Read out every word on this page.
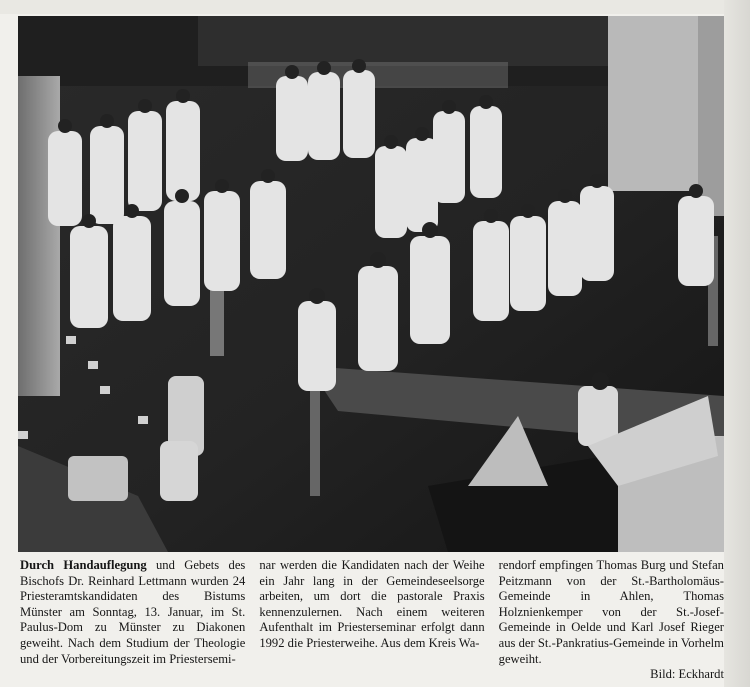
Durch Handauflegung und Gebets des Bischofs Dr. Reinhard Lettmann wurden 24 Priesteramtskandidaten des Bistums Münster am Sonntag, 13. Januar, im St. Paulus-Dom zu Münster zu Diakonen geweiht. Nach dem Studium der Theologie und der Vorbereitungszeit im Priestersemi-

nar werden die Kandidaten nach der Weihe ein Jahr lang in der Gemeindeseelsorge arbeiten, um dort die pastorale Praxis kennenzulernen. Nach einem weiteren Aufenthalt im Priesterseminar erfolgt dann 1992 die Priesterweihe. Aus dem Kreis Wa-

rendorf empfingen Thomas Burg und Stefan Peitzmann von der St.-Bartholomäus-Gemeinde in Ahlen, Thomas Holznienkemper von der St.-Josef-Gemeinde in Oelde und Karl Josef Rieger aus der St.-Pankratius-Gemeinde in Vorhelm geweiht.
Bild: Eckhardt
